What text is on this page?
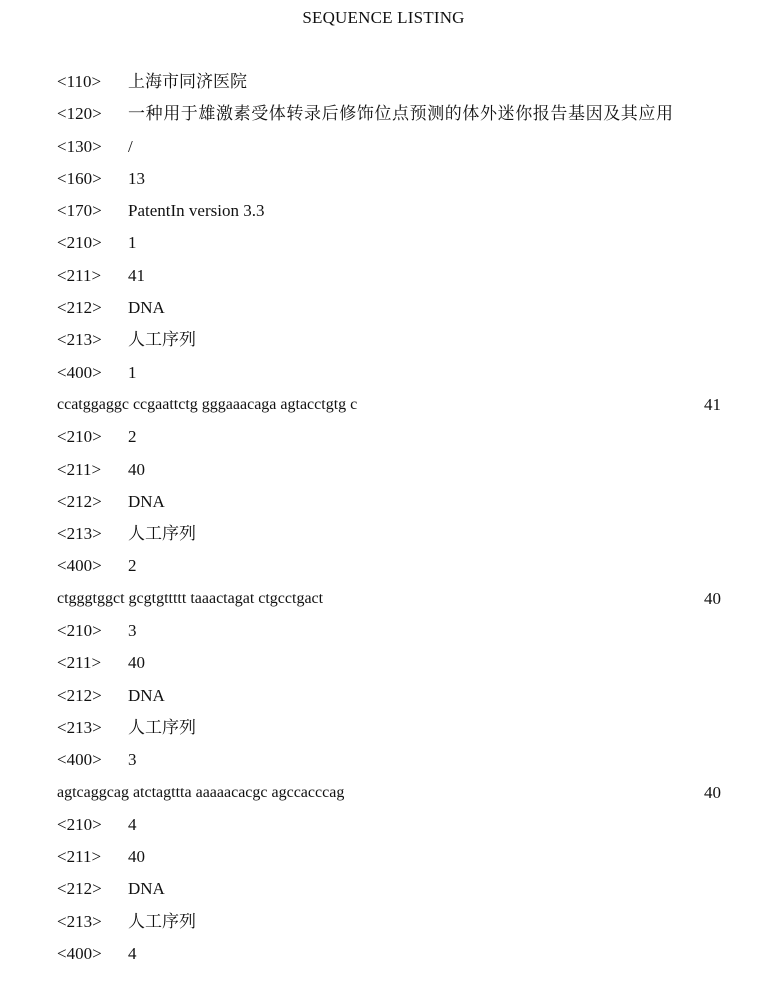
SEQUENCE LISTING
<110> 上海市同济医院
<120> 一种用于雄激素受体转录后修饰位点预测的体外迷你报告基因及其应用
<130> /
<160> 13
<170> PatentIn version 3.3
<210> 1
<211> 41
<212> DNA
<213> 人工序列
<400> 1
ccatggaggc ccgaattctg gggaaacaga agtacctgtg c	41
<210> 2
<211> 40
<212> DNA
<213> 人工序列
<400> 2
ctgggtggct gcgtgttttt taaactagat ctgcctgact	40
<210> 3
<211> 40
<212> DNA
<213> 人工序列
<400> 3
agtcaggcag atctagttta aaaaacacgc agccacccag	40
<210> 4
<211> 40
<212> DNA
<213> 人工序列
<400> 4
